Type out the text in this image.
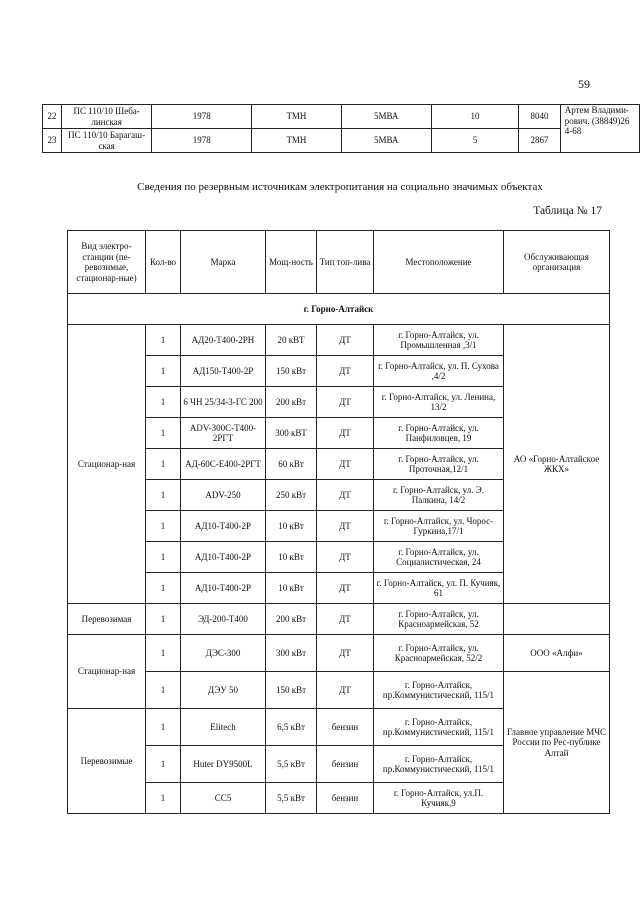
59
22	ПС 110/10 Шеба-линская	1978	ТМН	5МВА	10	8040	Артем Владими-
рович. (38849)26
4-68
23	ПС 110/10 Барагаш-ская	1978	ТМН	5МВА	5	2867	
Сведения по резервным источникам электропитания на социально значимых объектах
Таблица № 17
Вид электро-станции (пе-ревозимые, стационар-ные)	Кол-во	Марка	Мощ-ность	Тип топ-лива	Местоположение	Обслуживающая организация
г. Горно-Алтайск						
Стационар-ная	1	АД20-Т400-2РН	20 кВТ	ДТ	г. Горно-Алтайск, ул. Промышленная ,3/1	АО «Горно-Алтайское ЖКХ»
	1	АД150-Т400-2Р	150 кВт	ДТ	г. Горно-Алтайск, ул. П. Сухова ,4/2	
	1	6 ЧН 25/34-3-ГС 200	200 кВт	ДТ	г. Горно-Алтайск, ул. Ленина, 13/2	
	1	ADV-300C-Т400-2РГТ	300 кВТ	ДТ	г. Горно-Алтайск, ул. Панфиловцев, 19	
	1	АД-60С-Е400-2РГТ	60 кВт	ДТ	г. Горно-Алтайск, ул. Проточная,12/1	
	1	ADV-250	250 кВт	ДТ	г. Горно-Алтайск, ул. Э. Палкина, 14/2	
	1	АД10-Т400-2Р	10 кВт	ДТ	г. Горно-Алтайск, ул. Чорос-Гуркина,17/1	
	1	АД10-Т400-2Р	10 кВт	ДТ	г. Горно-Алтайск, ул. Социалистическая, 24	
	1	АД10-Т400-2Р	10 кВт	ДТ	г. Горно-Алтайск, ул. П. Кучияк, 61	
Перевозимая	1	ЭД-200-Т400	200 кВт	ДТ	г. Горно-Алтайск, ул. Красноармейская, 52	
Стационар-ная	1	ДЭС-300	300 кВт	ДТ	г. Горно-Алтайск, ул. Красноармейская, 52/2	ООО «Алфи»
	1	ДЭУ 50	150 кВт	ДТ	г. Горно-Алтайск, пр.Коммунистический, 115/1	Главное управление МЧС России по Рес-публике Алтай
Перевозимые	1	Elitech	6,5 кВт	бензин	г. Горно-Алтайск, пр.Коммунистический, 115/1	
	1	Huter DY9500L	5,5 кВт	бензин	г. Горно-Алтайск, пр.Коммунистический, 115/1	
	1	СС5	5,5 кВт	бензин	г. Горно-Алтайск, ул.П. Кучияк,9	
